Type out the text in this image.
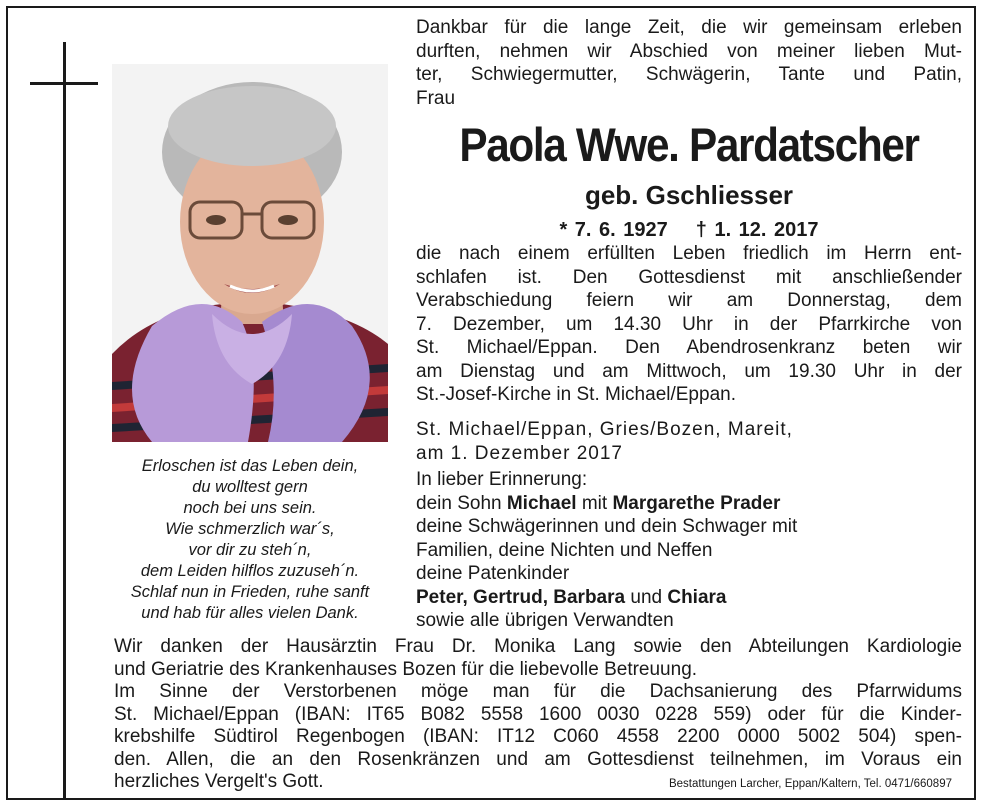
Erloschen ist das Leben dein,
du wolltest gern
noch bei uns sein.
Wie schmerzlich war´s,
vor dir zu steh´n,
dem Leiden hilflos zuzuseh´n.
Schlaf nun in Frieden, ruhe sanft
und hab für alles vielen Dank.
Dankbar für die lange Zeit, die wir gemeinsam erleben
durften, nehmen wir Abschied von meiner lieben Mut-
ter, Schwiegermutter, Schwägerin, Tante und Patin,
Frau
Paola Wwe. Pardatscher
geb. Gschliesser
* 7. 6. 1927 † 1. 12. 2017
die nach einem erfüllten Leben friedlich im Herrn ent-
schlafen ist. Den Gottesdienst mit anschließender
Verabschiedung feiern wir am Donnerstag, dem
7. Dezember, um 14.30 Uhr in der Pfarrkirche von
St. Michael/Eppan. Den Abendrosenkranz beten wir
am Dienstag und am Mittwoch, um 19.30 Uhr in der
St.-Josef-Kirche in St. Michael/Eppan.
St. Michael/Eppan, Gries/Bozen, Mareit,
am 1. Dezember 2017
In lieber Erinnerung:
dein Sohn Michael mit Margarethe Prader
deine Schwägerinnen und dein Schwager mit
Familien, deine Nichten und Neffen
deine Patenkinder
Peter, Gertrud, Barbara und Chiara
sowie alle übrigen Verwandten
Wir danken der Hausärztin Frau Dr. Monika Lang sowie den Abteilungen Kardiologie
und Geriatrie des Krankenhauses Bozen für die liebevolle Betreuung.
Im Sinne der Verstorbenen möge man für die Dachsanierung des Pfarrwidums
St. Michael/Eppan (IBAN: IT65 B082 5558 1600 0030 0228 559) oder für die Kinder-
krebshilfe Südtirol Regenbogen (IBAN: IT12 C060 4558 2200 0000 5002 504) spen-
den. Allen, die an den Rosenkränzen und am Gottesdienst teilnehmen, im Voraus ein
herzliches Vergelt's Gott.	Bestattungen Larcher, Eppan/Kaltern, Tel. 0471/660897
